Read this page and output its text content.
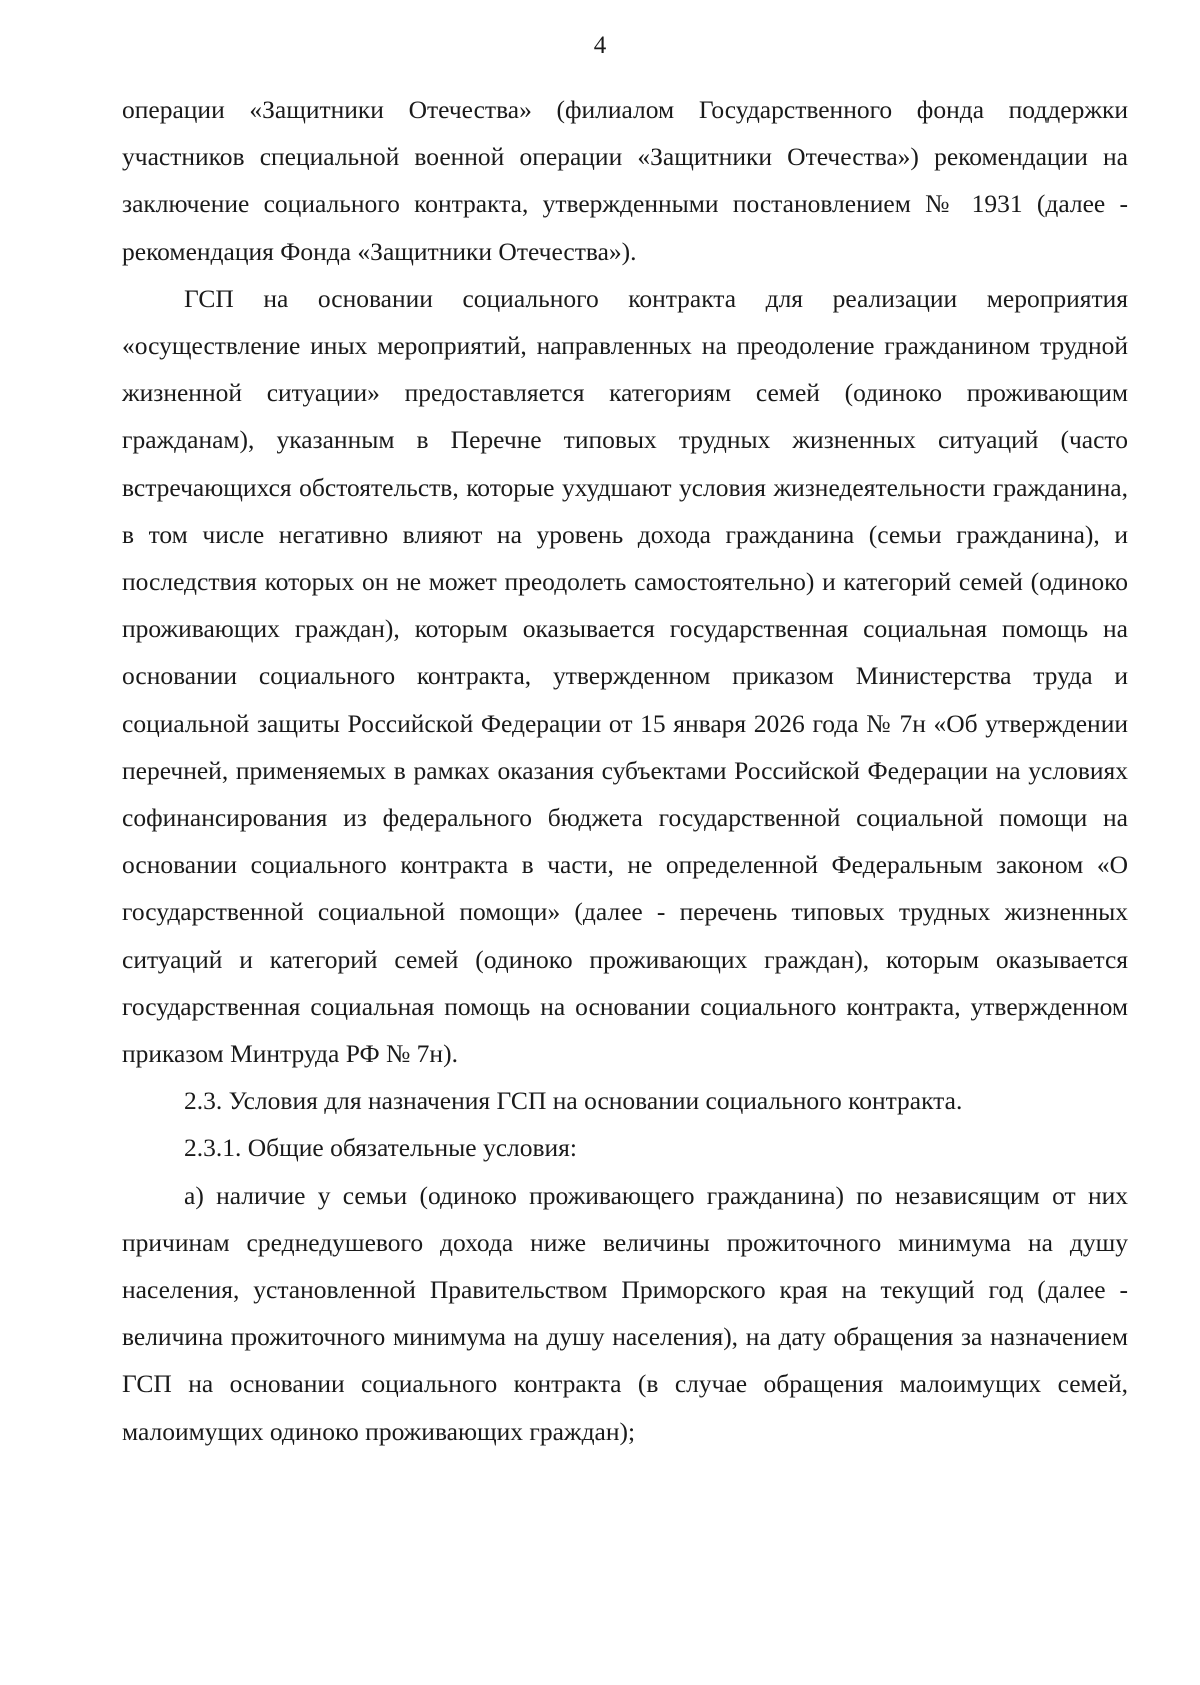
4

операции «Защитники Отечества» (филиалом Государственного фонда поддержки участников специальной военной операции «Защитники Отечества») рекомендации на заключение социального контракта, утвержденными постановлением № 1931 (далее - рекомендация Фонда «Защитники Отечества»).

ГСП на основании социального контракта для реализации мероприятия «осуществление иных мероприятий, направленных на преодоление гражданином трудной жизненной ситуации» предоставляется категориям семей (одиноко проживающим гражданам), указанным в Перечне типовых трудных жизненных ситуаций (часто встречающихся обстоятельств, которые ухудшают условия жизнедеятельности гражданина, в том числе негативно влияют на уровень дохода гражданина (семьи гражданина), и последствия которых он не может преодолеть самостоятельно) и категорий семей (одиноко проживающих граждан), которым оказывается государственная социальная помощь на основании социального контракта, утвержденном приказом Министерства труда и социальной защиты Российской Федерации от 15 января 2026 года № 7н «Об утверждении перечней, применяемых в рамках оказания субъектами Российской Федерации на условиях софинансирования из федерального бюджета государственной социальной помощи на основании социального контракта в части, не определенной Федеральным законом «О государственной социальной помощи» (далее - перечень типовых трудных жизненных ситуаций и категорий семей (одиноко проживающих граждан), которым оказывается государственная социальная помощь на основании социального контракта, утвержденном приказом Минтруда РФ № 7н).

2.3. Условия для назначения ГСП на основании социального контракта.

2.3.1. Общие обязательные условия:

а) наличие у семьи (одиноко проживающего гражданина) по независящим от них причинам среднедушевого дохода ниже величины прожиточного минимума на душу населения, установленной Правительством Приморского края на текущий год (далее - величина прожиточного минимума на душу населения), на дату обращения за назначением ГСП на основании социального контракта (в случае обращения малоимущих семей, малоимущих одиноко проживающих граждан);
